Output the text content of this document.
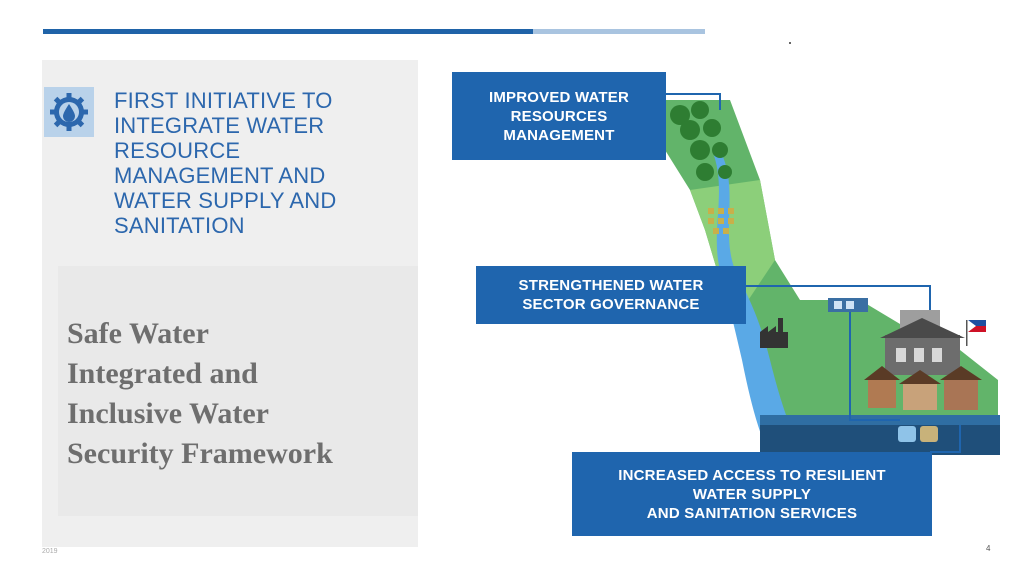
FIRST INITIATIVE TO
INTEGRATE WATER
RESOURCE
MANAGEMENT AND
WATER SUPPLY AND
SANITATION
Safe Water
Integrated and
Inclusive Water
Security Framework
IMPROVED WATER
RESOURCES
MANAGEMENT
STRENGTHENED WATER
SECTOR GOVERNANCE
INCREASED ACCESS TO RESILIENT
WATER SUPPLY
AND SANITATION SERVICES
2019	4
